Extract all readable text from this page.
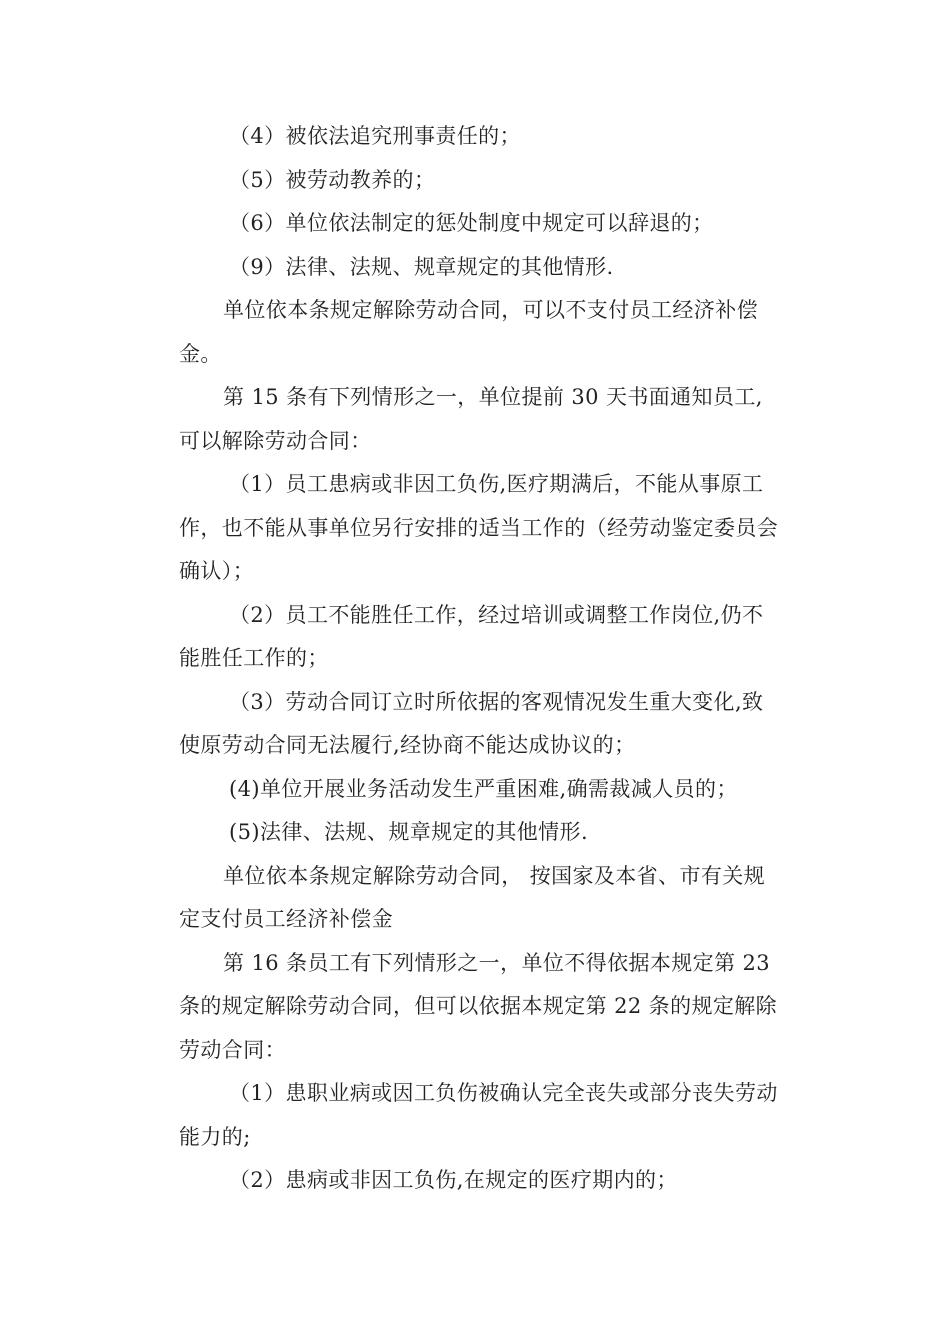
（4）被依法追究刑事责任的；

（5）被劳动教养的；

（6）单位依法制定的惩处制度中规定可以辞退的；

（9）法律、法规、规章规定的其他情形.

单位依本条规定解除劳动合同，可以不支付员工经济补偿金。

第 15 条有下列情形之一，单位提前 30 天书面通知员工,可以解除劳动合同：

（1）员工患病或非因工负伤,医疗期满后，不能从事原工作，也不能从事单位另行安排的适当工作的（经劳动鉴定委员会确认）；

（2）员工不能胜任工作，经过培训或调整工作岗位,仍不能胜任工作的；

（3）劳动合同订立时所依据的客观情况发生重大变化,致使原劳动合同无法履行,经协商不能达成协议的；

(4)单位开展业务活动发生严重困难,确需裁减人员的；

(5)法律、法规、规章规定的其他情形.

单位依本条规定解除劳动合同， 按国家及本省、市有关规定支付员工经济补偿金

第 16 条员工有下列情形之一，单位不得依据本规定第 23 条的规定解除劳动合同，但可以依据本规定第 22 条的规定解除劳动合同：

（1）患职业病或因工负伤被确认完全丧失或部分丧失劳动能力的;

（2）患病或非因工负伤,在规定的医疗期内的；
